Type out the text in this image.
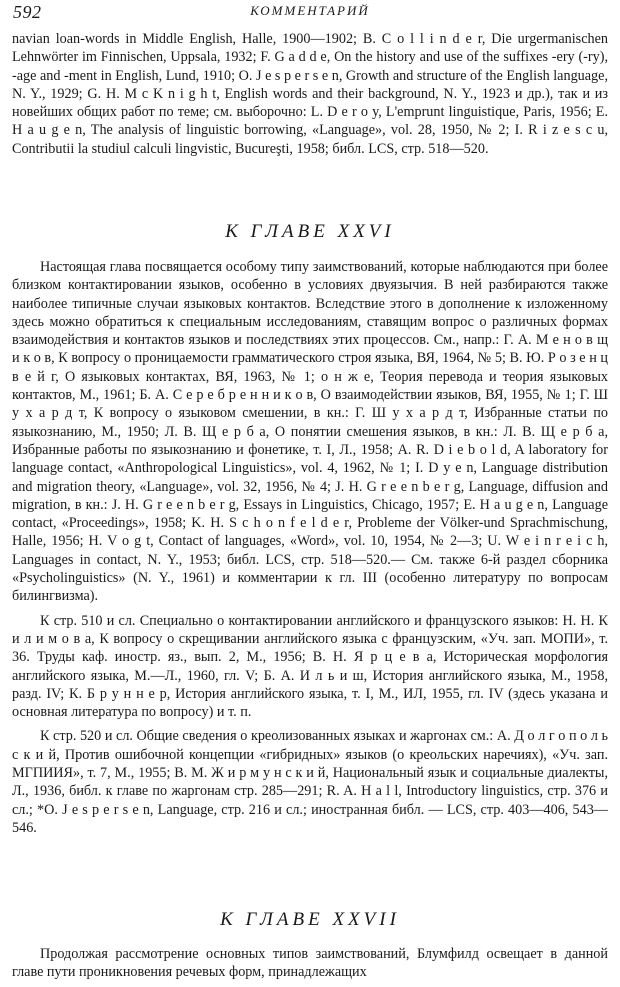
592	КОММЕНТАРИЙ

navian loan-words in Middle English, Halle, 1900—1902; B. C o l l i n d e r, Die urgermanischen Lehnwörter im Finnischen, Uppsala, 1932; F. G a d d e, On the history and use of the suffixes -ery (-ry), -age and -ment in English, Lund, 1910; O. J e s p e r s e n, Growth and structure of the English language, N. Y., 1929; G. H. M c K n i g h t, English words and their background, N. Y., 1923 и др.), так и из новейших общих работ по теме; см. выборочно: L. D e r o y, L'emprunt linguistique, Paris, 1956; E. H a u g e n, The analysis of linguistic borrowing, «Language», vol. 28, 1950, № 2; I. R i z e s c u, Contributii la studiul calculi lingvistic, Bucureşti, 1958; библ. LCS, стр. 518—520.

К ГЛАВЕ XXVI

Настоящая глава посвящается особому типу заимствований, которые наблюдаются при более близком контактировании языков, особенно в условиях двуязычия. В ней разбираются также наиболее типичные случаи языковых контактов. Вследствие этого в дополнение к изложенному здесь можно обратиться к специальным исследованиям, ставящим вопрос о различных формах взаимодействия и контактов языков и последствиях этих процессов. См., напр.: Г. А. М е н о в щ и к о в, К вопросу о проницаемости грамматического строя языка, ВЯ, 1964, № 5; В. Ю. Р о з е н ц в е й г, О языковых контактах, ВЯ, 1963, № 1; о н ж е, Теория перевода и теория языковых контактов, М., 1961; Б. А. С е р е б р е н н и к о в, О взаимодействии языков, ВЯ, 1955, № 1; Г. Ш у х а р д т, К вопросу о языковом смешении, в кн.: Г. Ш у х а р д т, Избранные статьи по языкознанию, М., 1950; Л. В. Щ е р б а, О понятии смешения языков, в кн.: Л. В. Щ е р б а, Избранные работы по языкознанию и фонетике, т. I, Л., 1958; A. R. D i e b o l d, A laboratory for language contact, «Anthropological Linguistics», vol. 4, 1962, № 1; I. D y e n, Language distribution and migration theory, «Language», vol. 32, 1956, № 4; J. H. G r e e n b e r g, Language, diffusion and migration, в кн.: J. H. G r e e n b e r g, Essays in Linguistics, Chicago, 1957; E. H a u g e n, Language contact, «Proceedings», 1958; K. H. S c h o n f e l d e r, Probleme der Völker-und Sprachmischung, Halle, 1956; H. V o g t, Contact of languages, «Word», vol. 10, 1954, № 2—3; U. W e i n r e i c h, Languages in contact, N. Y., 1953; библ. LCS, стр. 518—520.— См. также 6-й раздел сборника «Psycholinguistics» (N. Y., 1961) и комментарии к гл. III (особенно литературу по вопросам билингвизма).

К стр. 510 и сл. Специально о контактировании английского и французского языков: Н. Н. К и л и м о в а, К вопросу о скрещивании английского языка с французским, «Уч. зап. МОПИ», т. 36. Труды каф. иностр. яз., вып. 2, М., 1956; В. Н. Я р ц е в а, Историческая морфология английского языка, М.—Л., 1960, гл. V; Б. А. И л ь и ш, История английского языка, М., 1958, разд. IV; К. Б р у н н е р, История английского языка, т. I, М., ИЛ, 1955, гл. IV (здесь указана и основная литература по вопросу) и т. п.

К стр. 520 и сл. Общие сведения о креолизованных языках и жаргонах см.: А. Д о л г о п о л ь с к и й, Против ошибочной концепции «гибридных» языков (о креольских наречиях), «Уч. зап. МГПИИЯ», т. 7, М., 1955; В. М. Ж и р м у н с к и й, Национальный язык и социальные диалекты, Л., 1936, библ. к главе по жаргонам стр. 285—291; R. A. H a l l, Introductory linguistics, стр. 376 и сл.; *O. J e s p e r s e n, Language, стр. 216 и сл.; иностранная библ. — LCS, стр. 403—406, 543—546.

К ГЛАВЕ XXVII

Продолжая рассмотрение основных типов заимствований, Блумфилд освещает в данной главе пути проникновения речевых форм, принадлежащих
